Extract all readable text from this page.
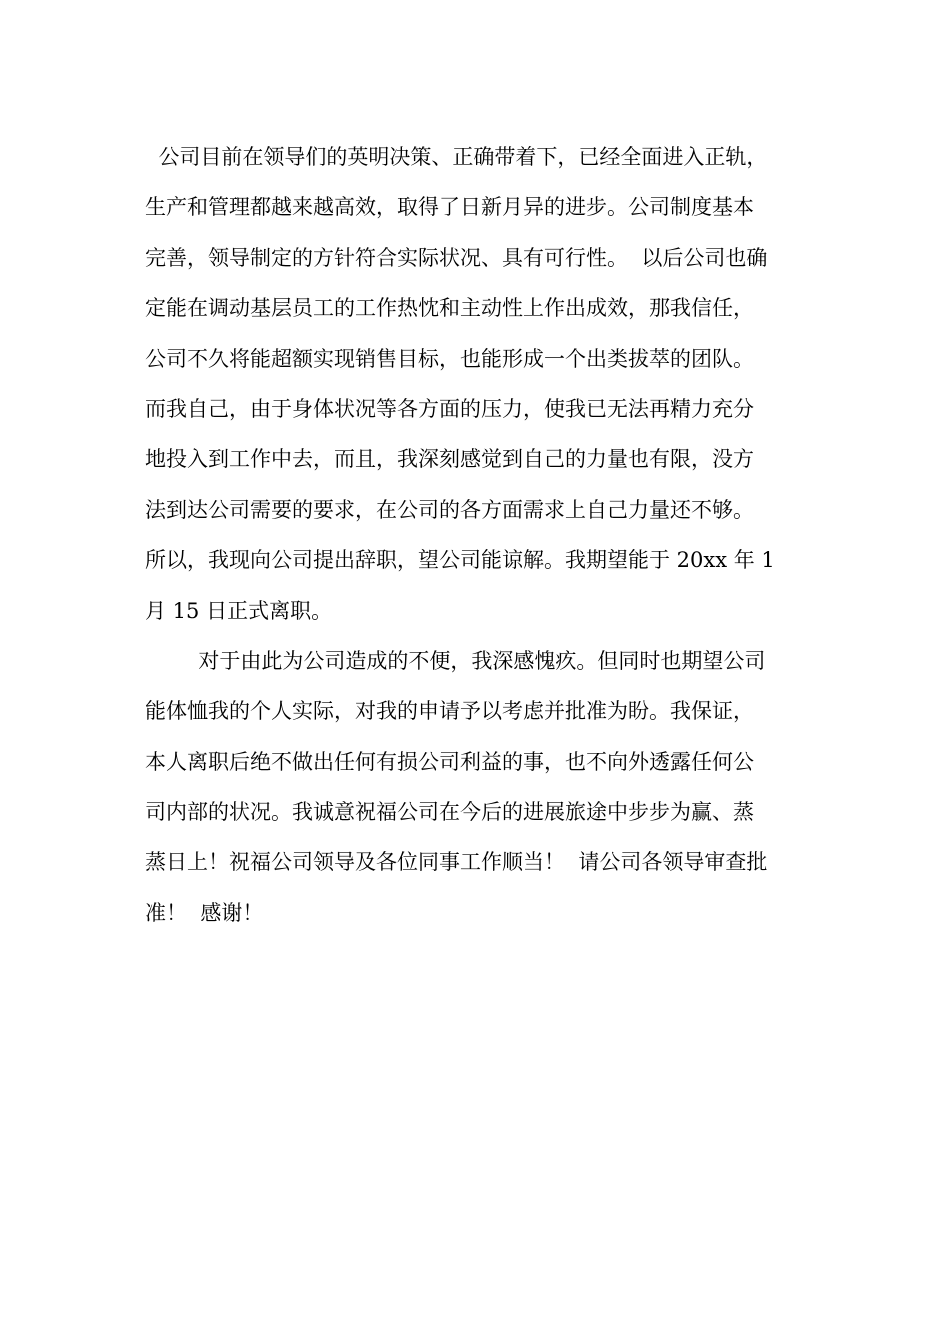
公司目前在领导们的英明决策、正确带着下，已经全面进入正轨，
生产和管理都越来越高效，取得了日新月异的进步。公司制度基本
完善，领导制定的方针符合实际状况、具有可行性。  以后公司也确
定能在调动基层员工的工作热忱和主动性上作出成效，那我信任，
公司不久将能超额实现销售目标，也能形成一个出类拔萃的团队。
而我自己，由于身体状况等各方面的压力，使我已无法再精力充分
地投入到工作中去，而且，我深刻感觉到自己的力量也有限，没方
法到达公司需要的要求，在公司的各方面需求上自己力量还不够。
所以，我现向公司提出辞职，望公司能谅解。我期望能于 20xx 年 1
月 15 日正式离职。
对于由此为公司造成的不便，我深感愧疚。但同时也期望公司
能体恤我的个人实际，对我的申请予以考虑并批准为盼。我保证，
本人离职后绝不做出任何有损公司利益的事，也不向外透露任何公
司内部的状况。我诚意祝福公司在今后的进展旅途中步步为赢、蒸
蒸日上！祝福公司领导及各位同事工作顺当！  请公司各领导审查批
准！  感谢！
